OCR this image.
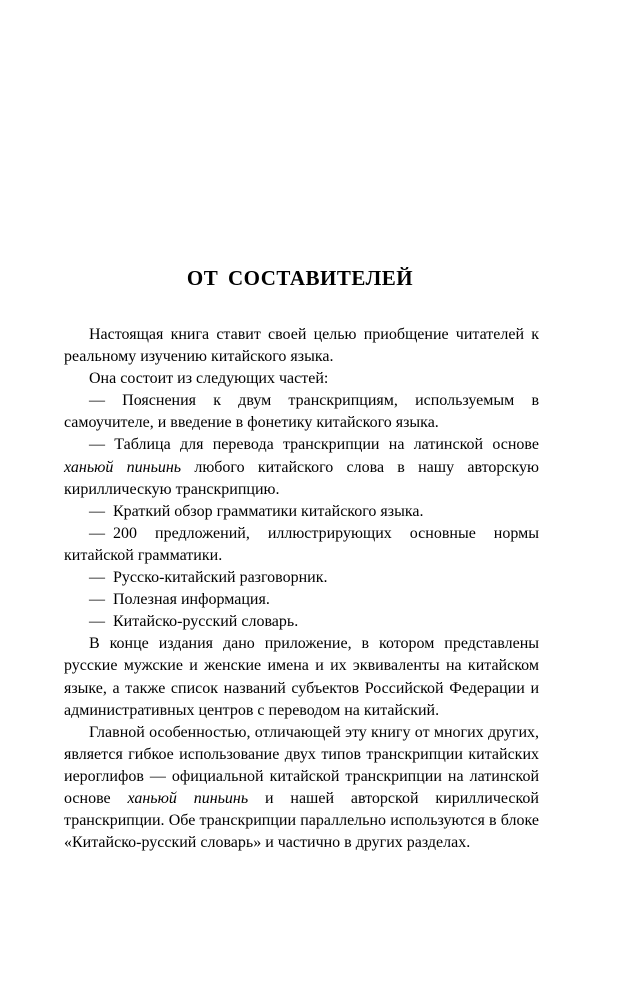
ОТ СОСТАВИТЕЛЕЙ

Настоящая книга ставит своей целью приобщение читателей к реальному изучению китайского языка.

Она состоит из следующих частей:

— Пояснения к двум транскрипциям, используемым в самоучителе, и введение в фонетику китайского языка.

— Таблица для перевода транскрипции на латинской основе ханьюй пиньинь любого китайского слова в нашу авторскую кириллическую транскрипцию.

— Краткий обзор грамматики китайского языка.

— 200 предложений, иллюстрирующих основные нормы китайской грамматики.

— Русско-китайский разговорник.

— Полезная информация.

— Китайско-русский словарь.

В конце издания дано приложение, в котором представлены русские мужские и женские имена и их эквиваленты на китайском языке, а также список названий субъектов Российской Федерации и административных центров с переводом на китайский.

Главной особенностью, отличающей эту книгу от многих других, является гибкое использование двух типов транскрипции китайских иероглифов — официальной китайской транскрипции на латинской основе ханьюй пиньинь и нашей авторской кириллической транскрипции. Обе транскрипции параллельно используются в блоке «Китайско-русский словарь» и частично в других разделах.
